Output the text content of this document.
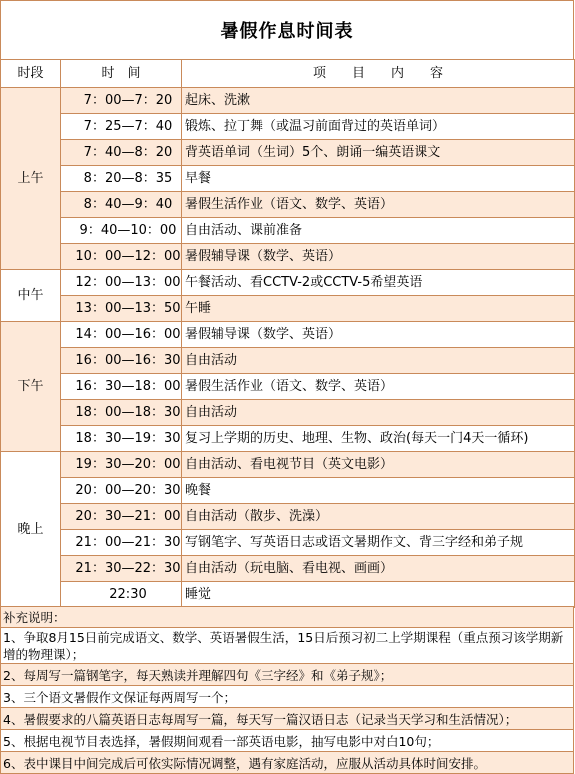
暑假作息时间表
时段	时　间	项　　目　　内　　容
上午	7：00—7：20	起床、洗漱
	7：25—7：40	锻炼、拉丁舞（或温习前面背过的英语单词）
	7：40—8：20	背英语单词（生词）5个、朗诵一编英语课文
	8：20—8：35	早餐
	8：40—9：40	暑假生活作业（语文、数学、英语）
	9：40—10：00	自由活动、课前准备
	10：00—12：00	暑假辅导课（数学、英语）
中午	12：00—13：00	午餐活动、看CCTV-2或CCTV-5希望英语
	13：00—13：50	午睡
下午	14：00—16：00	暑假辅导课（数学、英语）
	16：00—16：30	自由活动
	16：30—18：00	暑假生活作业（语文、数学、英语）
	18：00—18：30	自由活动
	18：30—19：30	复习上学期的历史、地理、生物、政治(每天一门4天一循环)
晚上	19：30—20：00	自由活动、看电视节目（英文电影）
	20：00—20：30	晚餐
	20：30—21：00	自由活动（散步、洗澡）
	21：00—21：30	写钢笔字、写英语日志或语文暑期作文、背三字经和弟子规
	21：30—22：30	自由活动（玩电脑、看电视、画画）
	22:30	睡觉
补充说明：
1、争取8月15日前完成语文、数学、英语暑假生活，15日后预习初二上学期课程（重点预习该学期新增的物理课）；
2、每周写一篇钢笔字，每天熟读并理解四句《三字经》和《弟子规》；
3、三个语文暑假作文保证每两周写一个；
4、暑假要求的八篇英语日志每周写一篇，每天写一篇汉语日志（记录当天学习和生活情况）；
5、根据电视节目表选择，暑假期间观看一部英语电影，抽写电影中对白10句；
6、表中课目中间完成后可依实际情况调整，遇有家庭活动，应服从活动具体时间安排。
